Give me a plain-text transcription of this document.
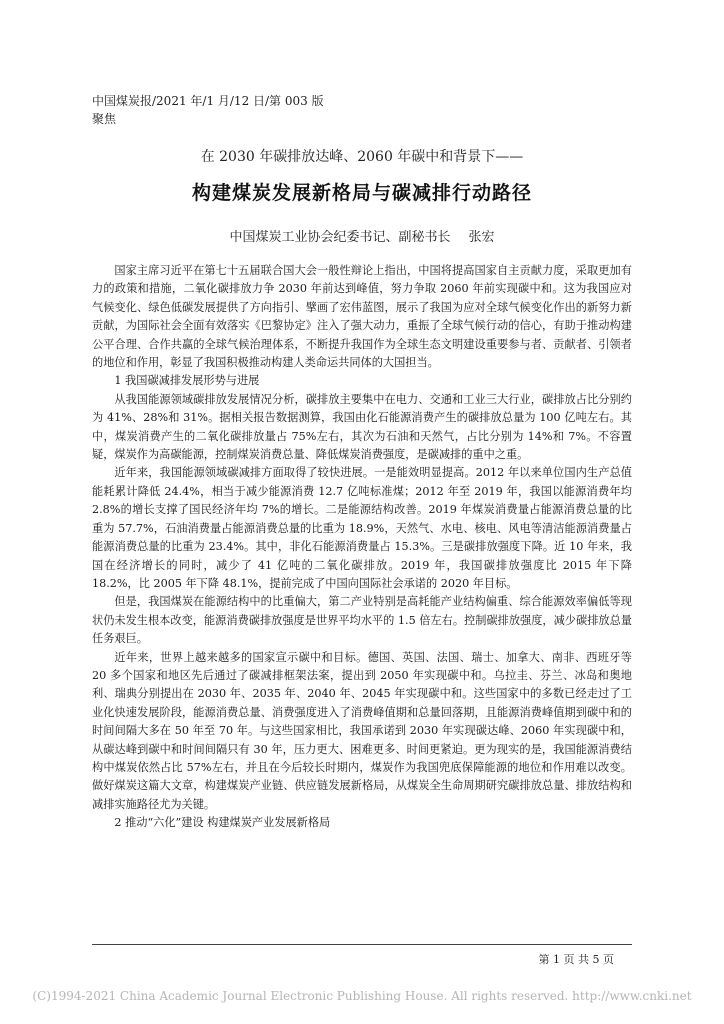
中国煤炭报/2021 年/1 月/12 日/第 003 版
聚焦
在 2030 年碳排放达峰、2060 年碳中和背景下——
构建煤炭发展新格局与碳减排行动路径
中国煤炭工业协会纪委书记、副秘书长 张宏

国家主席习近平在第七十五届联合国大会一般性辩论上指出，中国将提高国家自主贡献力度，采取更加有力的政策和措施，二氧化碳排放力争 2030 年前达到峰值，努力争取 2060 年前实现碳中和。这为我国应对气候变化、绿色低碳发展提供了方向指引、擘画了宏伟蓝图，展示了我国为应对全球气候变化作出的新努力新贡献，为国际社会全面有效落实《巴黎协定》注入了强大动力，重振了全球气候行动的信心，有助于推动构建公平合理、合作共赢的全球气候治理体系，不断提升我国作为全球生态文明建设重要参与者、贡献者、引领者的地位和作用，彰显了我国积极推动构建人类命运共同体的大国担当。

1 我国碳减排发展形势与进展

从我国能源领域碳排放发展情况分析，碳排放主要集中在电力、交通和工业三大行业，碳排放占比分别约为 41%、28%和 31%。据相关报告数据测算，我国由化石能源消费产生的碳排放总量为 100 亿吨左右。其中，煤炭消费产生的二氧化碳排放量占 75%左右，其次为石油和天然气，占比分别为 14%和 7%。不容置疑，煤炭作为高碳能源，控制煤炭消费总量、降低煤炭消费强度，是碳减排的重中之重。

近年来，我国能源领域碳减排方面取得了较快进展。一是能效明显提高。2012 年以来单位国内生产总值能耗累计降低 24.4%，相当于减少能源消费 12.7 亿吨标准煤；2012 年至 2019 年，我国以能源消费年均 2.8%的增长支撑了国民经济年均 7%的增长。二是能源结构改善。2019 年煤炭消费量占能源消费总量的比重为 57.7%，石油消费量占能源消费总量的比重为 18.9%，天然气、水电、核电、风电等清洁能源消费量占能源消费总量的比重为 23.4%。其中，非化石能源消费量占 15.3%。三是碳排放强度下降。近 10 年来，我国在经济增长的同时，减少了 41 亿吨的二氧化碳排放。2019 年，我国碳排放强度比 2015 年下降 18.2%，比 2005 年下降 48.1%，提前完成了中国向国际社会承诺的 2020 年目标。

但是，我国煤炭在能源结构中的比重偏大，第二产业特别是高耗能产业结构偏重、综合能源效率偏低等现状仍未发生根本改变，能源消费碳排放强度是世界平均水平的 1.5 倍左右。控制碳排放强度，减少碳排放总量任务艰巨。

近年来，世界上越来越多的国家宣示碳中和目标。德国、英国、法国、瑞士、加拿大、南非、西班牙等 20 多个国家和地区先后通过了碳减排框架法案，提出到 2050 年实现碳中和。乌拉圭、芬兰、冰岛和奥地利、瑞典分别提出在 2030 年、2035 年、2040 年、2045 年实现碳中和。这些国家中的多数已经走过了工业化快速发展阶段，能源消费总量、消费强度进入了消费峰值期和总量回落期，且能源消费峰值期到碳中和的时间间隔大多在 50 年至 70 年。与这些国家相比，我国承诺到 2030 年实现碳达峰、2060 年实现碳中和，从碳达峰到碳中和时间间隔只有 30 年，压力更大、困难更多、时间更紧迫。更为现实的是，我国能源消费结构中煤炭依然占比 57%左右，并且在今后较长时期内，煤炭作为我国兜底保障能源的地位和作用难以改变。做好煤炭这篇大文章，构建煤炭产业链、供应链发展新格局，从煤炭全生命周期研究碳排放总量、排放结构和减排实施路径尤为关键。

2 推动“六化”建设 构建煤炭产业发展新格局

第 1 页 共 5 页
(C)1994-2021 China Academic Journal Electronic Publishing House. All rights reserved. http://www.cnki.net
